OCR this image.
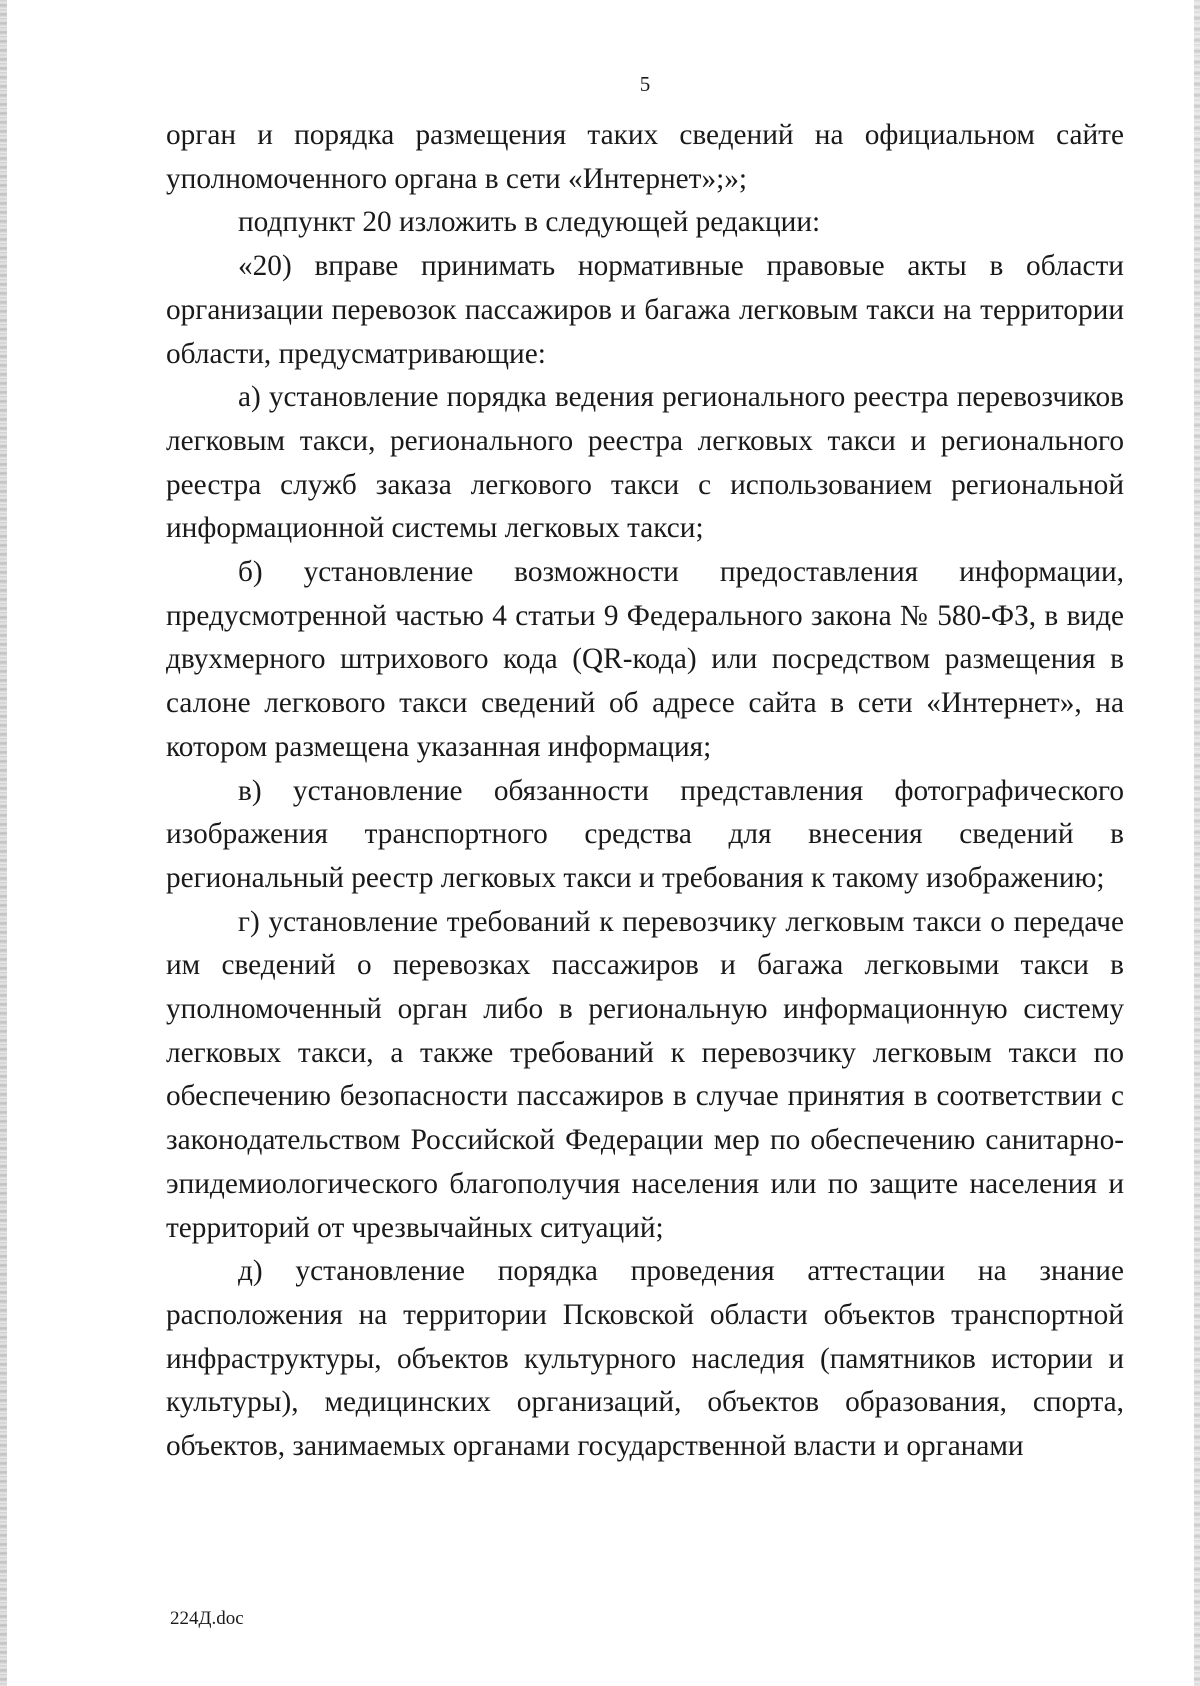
5

орган и порядка размещения таких сведений на официальном сайте уполномоченного органа в сети «Интернет»;»;

подпункт 20 изложить в следующей редакции:

«20) вправе принимать нормативные правовые акты в области организации перевозок пассажиров и багажа легковым такси на территории области, предусматривающие:

а) установление порядка ведения регионального реестра перевозчиков легковым такси, регионального реестра легковых такси и регионального реестра служб заказа легкового такси с использованием региональной информационной системы легковых такси;

б) установление возможности предоставления информации, предусмотренной частью 4 статьи 9 Федерального закона № 580-ФЗ, в виде двухмерного штрихового кода (QR-кода) или посредством размещения в салоне легкового такси сведений об адресе сайта в сети «Интернет», на котором размещена указанная информация;

в) установление обязанности представления фотографического изображения транспортного средства для внесения сведений в региональный реестр легковых такси и требования к такому изображению;

г) установление требований к перевозчику легковым такси о передаче им сведений о перевозках пассажиров и багажа легковыми такси в уполномоченный орган либо в региональную информационную систему легковых такси, а также требований к перевозчику легковым такси по обеспечению безопасности пассажиров в случае принятия в соответствии с законодательством Российской Федерации мер по обеспечению санитарно-эпидемиологического благополучия населения или по защите населения и территорий от чрезвычайных ситуаций;

д) установление порядка проведения аттестации на знание расположения на территории Псковской области объектов транспортной инфраструктуры, объектов культурного наследия (памятников истории и культуры), медицинских организаций, объектов образования, спорта, объектов, занимаемых органами государственной власти и органами

224Д.doc
